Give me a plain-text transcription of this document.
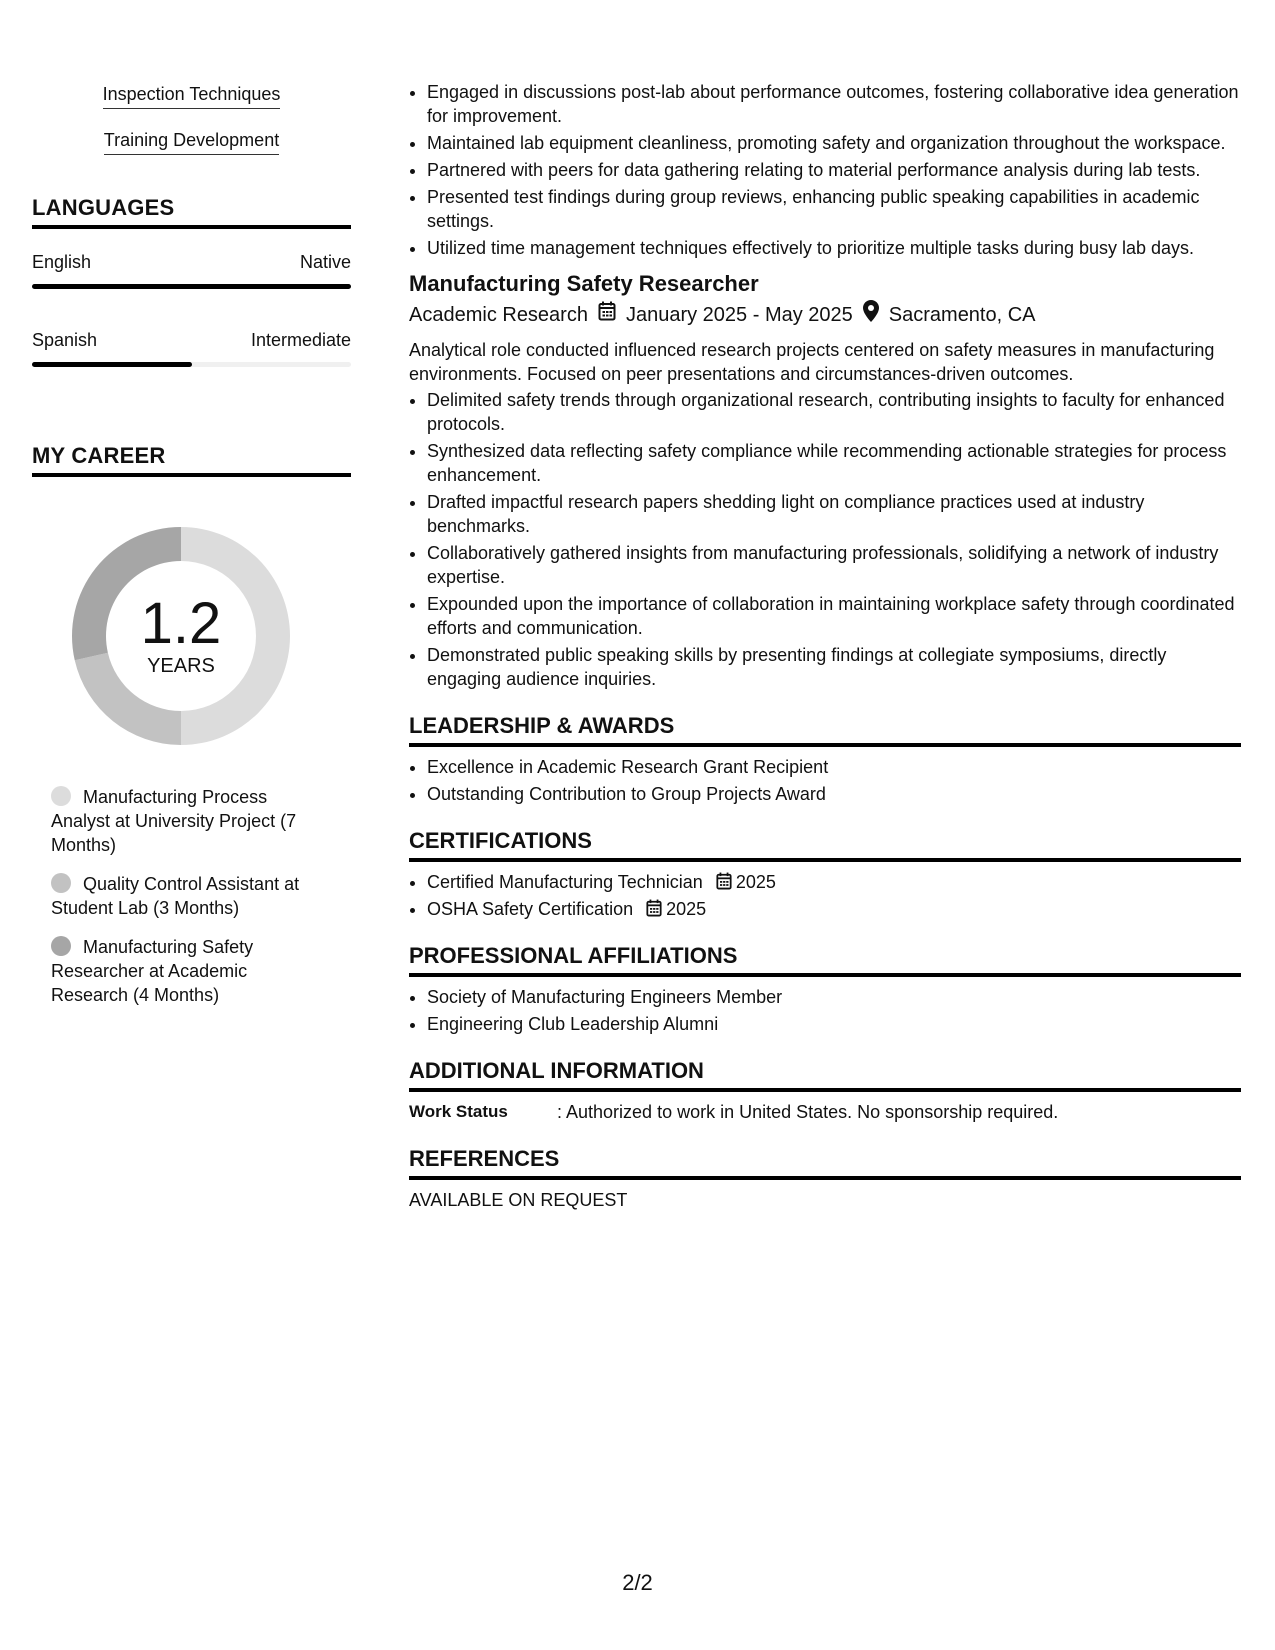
Inspection Techniques
Training Development
LANGUAGES
English	Native
Spanish	Intermediate
MY CAREER
1.2
YEARS
Manufacturing Process Analyst at University Project (7 Months)
Quality Control Assistant at Student Lab (3 Months)
Manufacturing Safety Researcher at Academic Research (4 Months)
• Engaged in discussions post-lab about performance outcomes, fostering collaborative idea generation for improvement.
• Maintained lab equipment cleanliness, promoting safety and organization throughout the workspace.
• Partnered with peers for data gathering relating to material performance analysis during lab tests.
• Presented test findings during group reviews, enhancing public speaking capabilities in academic settings.
• Utilized time management techniques effectively to prioritize multiple tasks during busy lab days.
Manufacturing Safety Researcher
Academic Research January 2025 - May 2025 Sacramento, CA
Analytical role conducted influenced research projects centered on safety measures in manufacturing environments. Focused on peer presentations and circumstances-driven outcomes.
• Delimited safety trends through organizational research, contributing insights to faculty for enhanced protocols.
• Synthesized data reflecting safety compliance while recommending actionable strategies for process enhancement.
• Drafted impactful research papers shedding light on compliance practices used at industry benchmarks.
• Collaboratively gathered insights from manufacturing professionals, solidifying a network of industry expertise.
• Expounded upon the importance of collaboration in maintaining workplace safety through coordinated efforts and communication.
• Demonstrated public speaking skills by presenting findings at collegiate symposiums, directly engaging audience inquiries.
LEADERSHIP & AWARDS
• Excellence in Academic Research Grant Recipient
• Outstanding Contribution to Group Projects Award
CERTIFICATIONS
• Certified Manufacturing Technician 2025
• OSHA Safety Certification 2025
PROFESSIONAL AFFILIATIONS
• Society of Manufacturing Engineers Member
• Engineering Club Leadership Alumni
ADDITIONAL INFORMATION
Work Status	: Authorized to work in United States. No sponsorship required.
REFERENCES
AVAILABLE ON REQUEST
2/2
